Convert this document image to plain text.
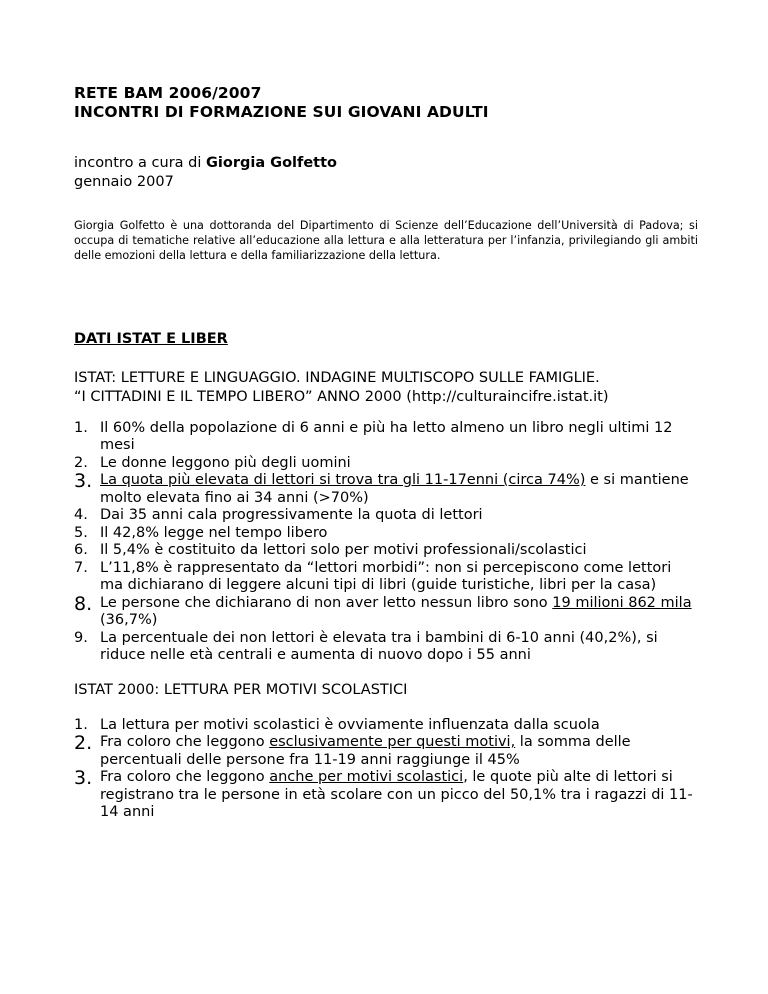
RETE BAM 2006/2007
INCONTRI DI FORMAZIONE SUI GIOVANI ADULTI
incontro a cura di Giorgia Golfetto
gennaio 2007
Giorgia Golfetto è una dottoranda del Dipartimento di Scienze dell’Educazione dell’Università di Padova; si occupa di tematiche relative all’educazione alla lettura e alla letteratura per l’infanzia, privilegiando gli ambiti delle emozioni della lettura e della familiarizzazione della lettura.
DATI ISTAT E LIBER
ISTAT: LETTURE E LINGUAGGIO. INDAGINE MULTISCOPO SULLE FAMIGLIE.
“I CITTADINI E IL TEMPO LIBERO” ANNO 2000 (http://culturaincifre.istat.it)
1. Il 60% della popolazione di 6 anni e più ha letto almeno un libro negli ultimi 12 mesi
2. Le donne leggono più degli uomini
3. La quota più elevata di lettori si trova tra gli 11-17enni (circa 74%) e si mantiene molto elevata fino ai 34 anni (>70%)
4. Dai 35 anni cala progressivamente la quota di lettori
5. Il 42,8% legge nel tempo libero
6. Il 5,4% è costituito da lettori solo per motivi professionali/scolastici
7. L’11,8% è rappresentato da “lettori morbidi”: non si percepiscono come lettori ma dichiarano di leggere alcuni tipi di libri (guide turistiche, libri per la casa)
8. Le persone che dichiarano di non aver letto nessun libro sono 19 milioni 862 mila (36,7%)
9. La percentuale dei non lettori è elevata tra i bambini di 6-10 anni (40,2%), si riduce nelle età centrali e aumenta di nuovo dopo i 55 anni
ISTAT 2000: LETTURA PER MOTIVI SCOLASTICI
1. La lettura per motivi scolastici è ovviamente influenzata dalla scuola
2. Fra coloro che leggono esclusivamente per questi motivi, la somma delle percentuali delle persone fra 11-19 anni raggiunge il 45%
3. Fra coloro che leggono anche per motivi scolastici, le quote più alte di lettori si registrano tra le persone in età scolare con un picco del 50,1% tra i ragazzi di 11-14 anni
